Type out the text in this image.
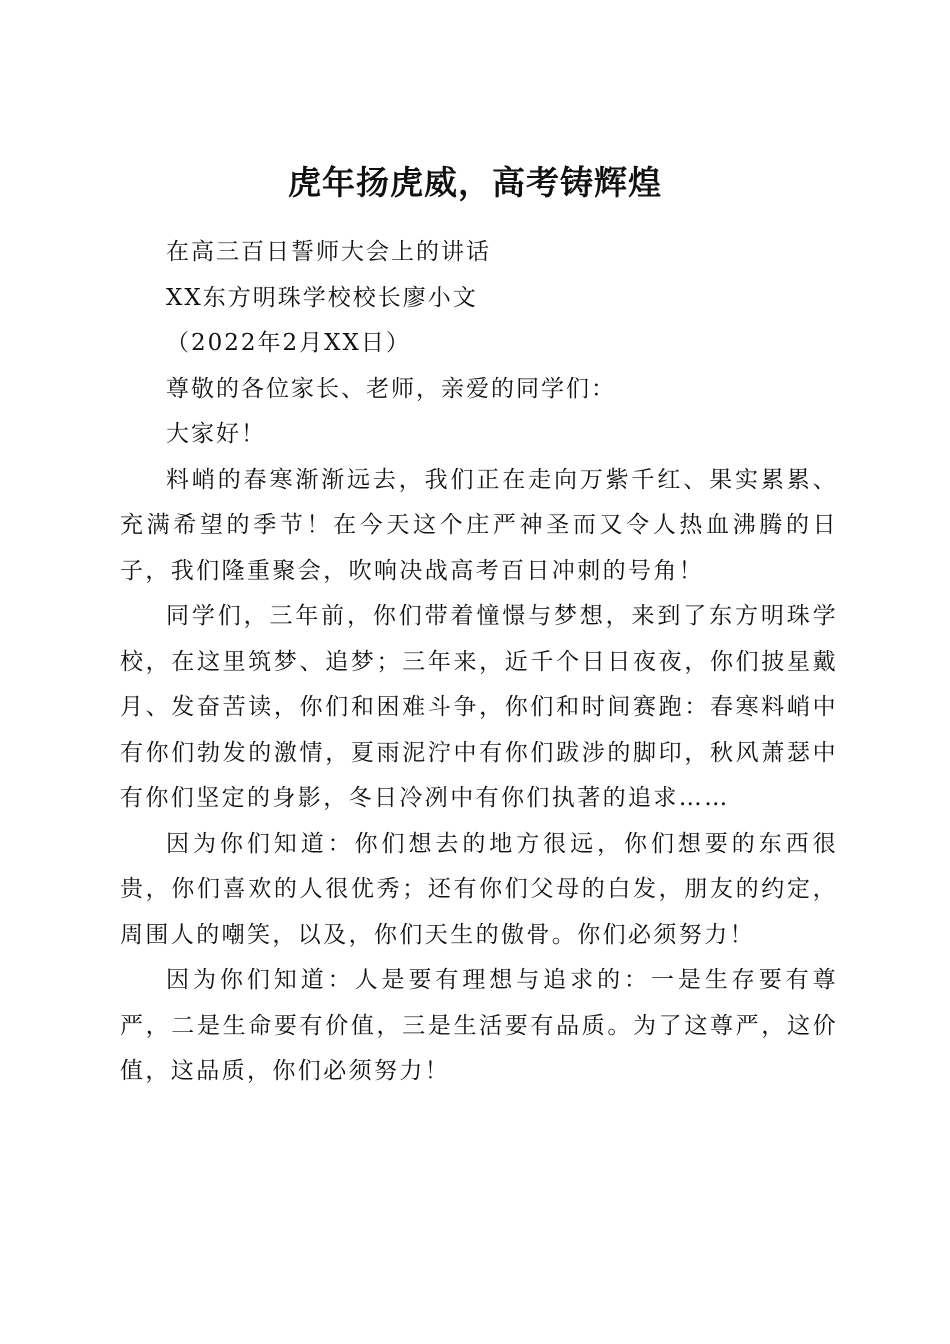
虎年扬虎威，高考铸辉煌

在高三百日誓师大会上的讲话

XX东方明珠学校校长廖小文

（2022年2月XX日）

尊敬的各位家长、老师，亲爱的同学们：

大家好！

料峭的春寒渐渐远去，我们正在走向万紫千红、果实累累、充满希望的季节！在今天这个庄严神圣而又令人热血沸腾的日子，我们隆重聚会，吹响决战高考百日冲刺的号角！

同学们，三年前，你们带着憧憬与梦想，来到了东方明珠学校，在这里筑梦、追梦；三年来，近千个日日夜夜，你们披星戴月、发奋苦读，你们和困难斗争，你们和时间赛跑：春寒料峭中有你们勃发的激情，夏雨泥泞中有你们跋涉的脚印，秋风萧瑟中有你们坚定的身影，冬日冷冽中有你们执著的追求……

因为你们知道：你们想去的地方很远，你们想要的东西很贵，你们喜欢的人很优秀；还有你们父母的白发，朋友的约定，周围人的嘲笑，以及，你们天生的傲骨。你们必须努力！

因为你们知道：人是要有理想与追求的：一是生存要有尊严，二是生命要有价值，三是生活要有品质。为了这尊严，这价值，这品质，你们必须努力！
